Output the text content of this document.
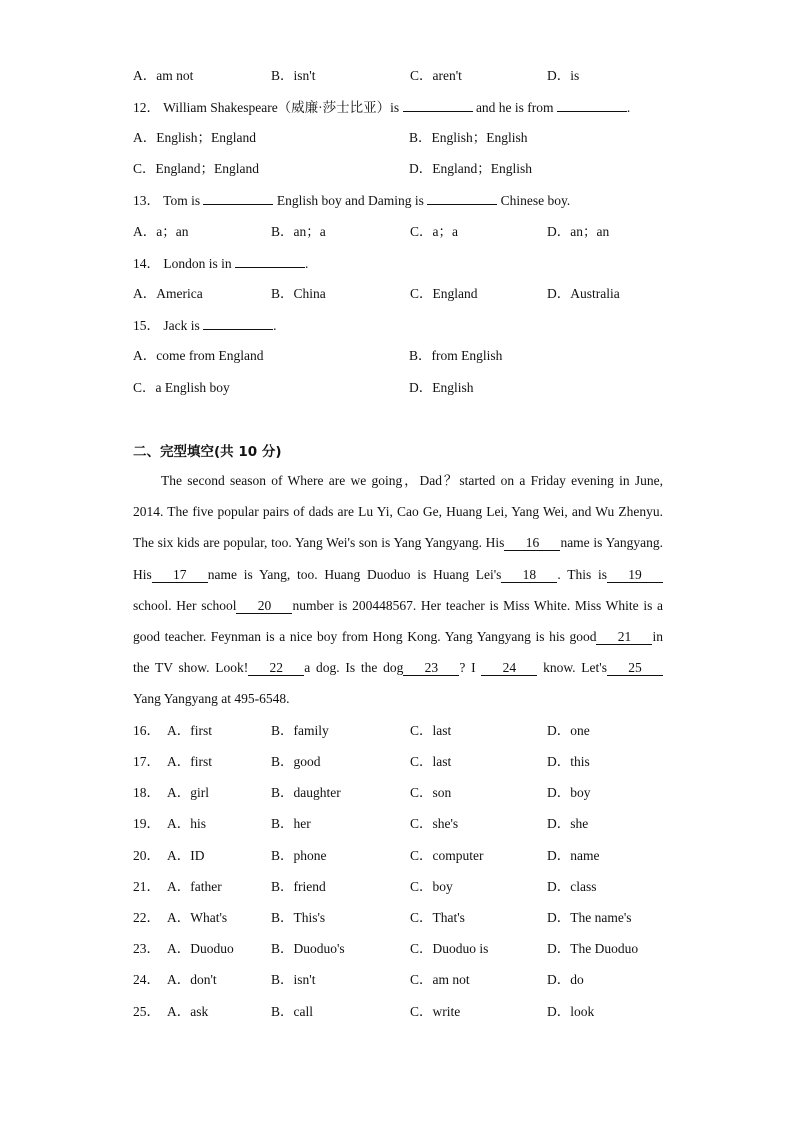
A．am not	B．isn't	C．aren't	D．is
12． William Shakespeare（威廉·莎士比亚）is	and he is from	.
A．English；England	B．English；English
C．England；England	D．England；English
13． Tom is	English boy and Daming is	Chinese boy.
A．a；an	B．an；a	C．a；a	D．an；an
14． London is in	.
A．America	B．China	C．England	D．Australia
15． Jack is	.
A．come from England	B．from English
C．a English boy	D．English
二、完型填空(共 10 分)
The second season of Where are we going，Dad？started on a Friday evening in June, 2014. The five popular pairs of dads are Lu Yi, Cao Ge, Huang Lei, Yang Wei, and Wu Zhenyu. The six kids are popular, too. Yang Wei's son is Yang Yangyang. His 16 name is Yangyang. His 17 name is Yang, too. Huang Duoduo is Huang Lei's 18 . This is 19school. Her school 20 number is 200448567. Her teacher is Miss White. Miss White is a good teacher. Feynman is a nice boy from Hong Kong. Yang Yangyang is his good 21 in the TV show. Look! 22 a dog. Is the dog 23 ? I 24 know. Let's 25Yang Yangyang at 495-6548.
16． A．first	B．family	C．last	D．one
17． A．first	B．good	C．last	D．this
18． A．girl	B．daughter	C．son	D．boy
19． A．his	B．her	C．she's	D．she
20． A．ID	B．phone	C．computer	D．name
21． A．father	B．friend	C．boy	D．class
22． A．What's	B．This's	C．That's	D．The name's
23． A．Duoduo	B．Duoduo's	C．Duoduo is	D．The Duoduo
24． A．don't	B．isn't	C．am not	D．do
25． A．ask	B．call	C．write	D．look
